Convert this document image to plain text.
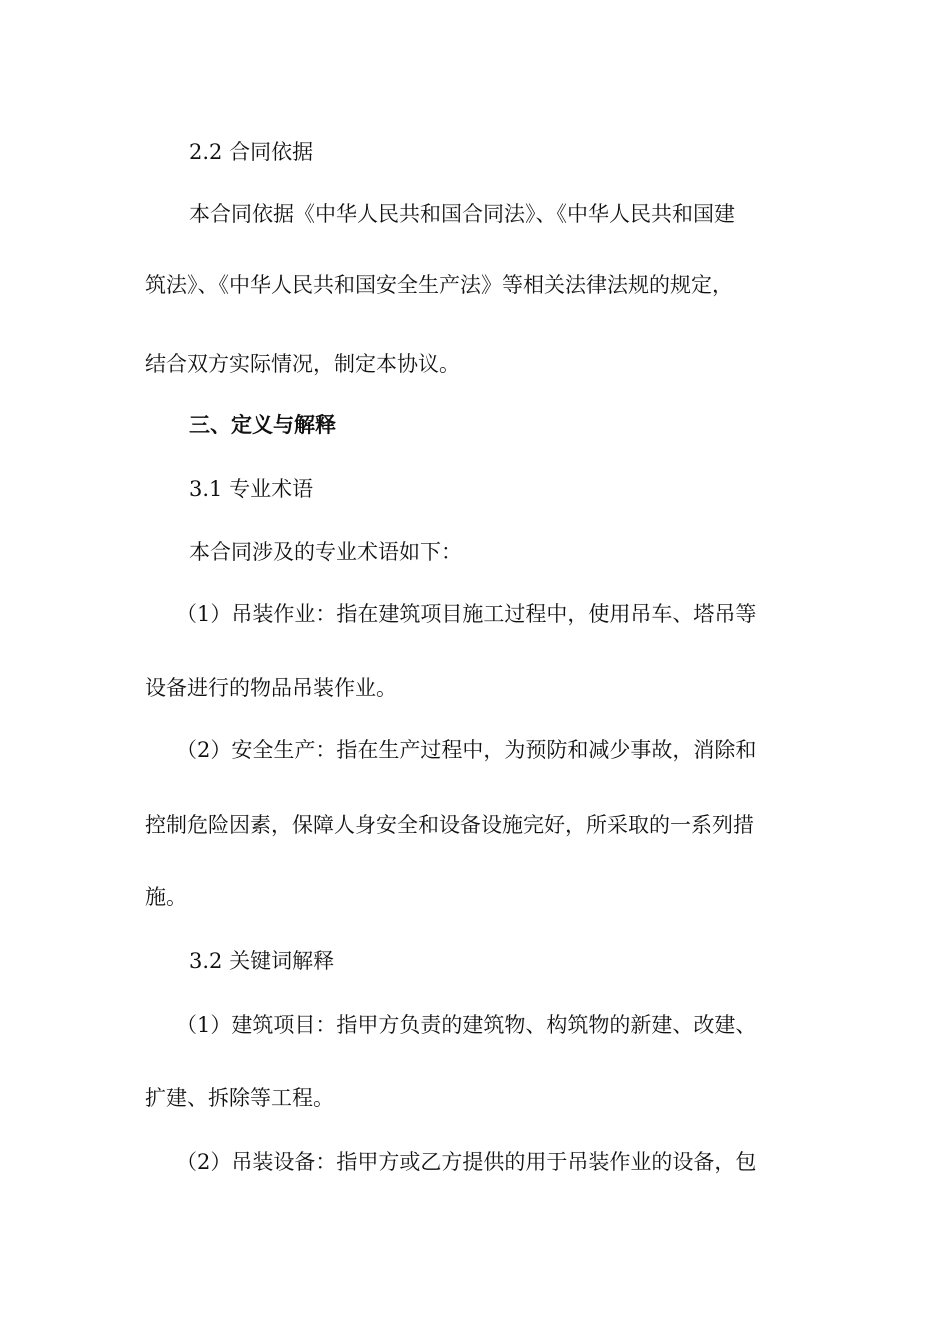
2.2 合同依据
本合同依据《中华人民共和国合同法》、《中华人民共和国建
筑法》、《中华人民共和国安全生产法》等相关法律法规的规定，
结合双方实际情况，制定本协议。
三、定义与解释
3.1 专业术语
本合同涉及的专业术语如下：
（1）吊装作业：指在建筑项目施工过程中，使用吊车、塔吊等
设备进行的物品吊装作业。
（2）安全生产：指在生产过程中，为预防和减少事故，消除和
控制危险因素，保障人身安全和设备设施完好，所采取的一系列措
施。
3.2 关键词解释
（1）建筑项目：指甲方负责的建筑物、构筑物的新建、改建、
扩建、拆除等工程。
（2）吊装设备：指甲方或乙方提供的用于吊装作业的设备，包
